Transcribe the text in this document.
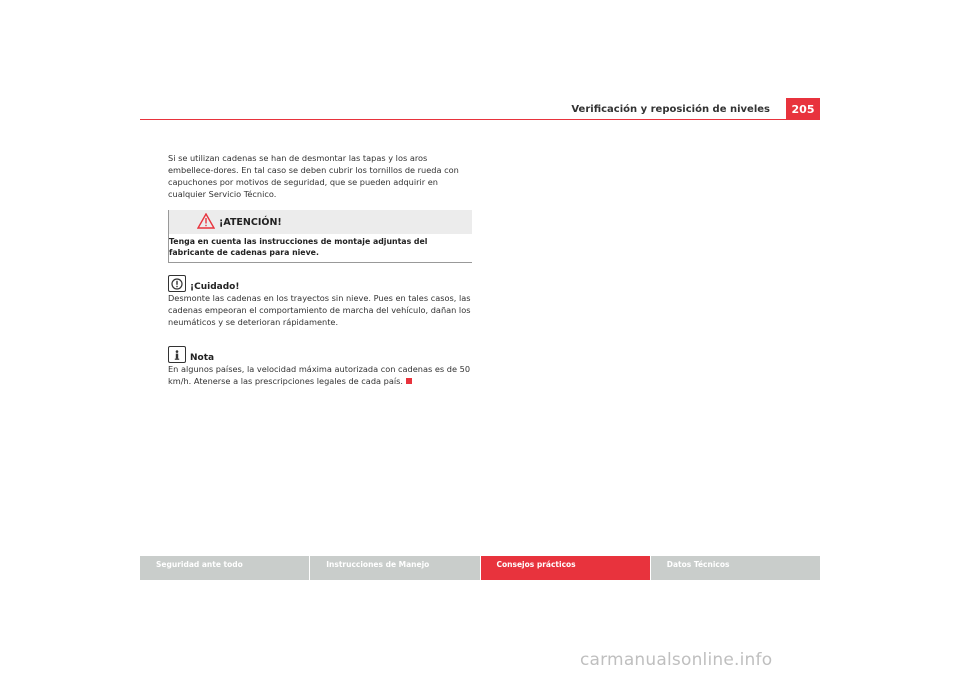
Verificación y reposición de niveles	205

Si se utilizan cadenas se han de desmontar las tapas y los aros embellece-dores. En tal caso se deben cubrir los tornillos de rueda con capuchones por motivos de seguridad, que se pueden adquirir en cualquier Servicio Técnico.

¡ATENCIÓN!
Tenga en cuenta las instrucciones de montaje adjuntas del fabricante de cadenas para nieve.
¡Cuidado!

Desmonte las cadenas en los trayectos sin nieve. Pues en tales casos, las cadenas empeoran el comportamiento de marcha del vehículo, dañan los neumáticos y se deterioran rápidamente.

Nota

En algunos países, la velocidad máxima autorizada con cadenas es de 50 km/h. Atenerse a las prescripciones legales de cada país.

Seguridad ante todo	Instrucciones de Manejo	Consejos prácticos	Datos Técnicos
carmanualsonline.info
